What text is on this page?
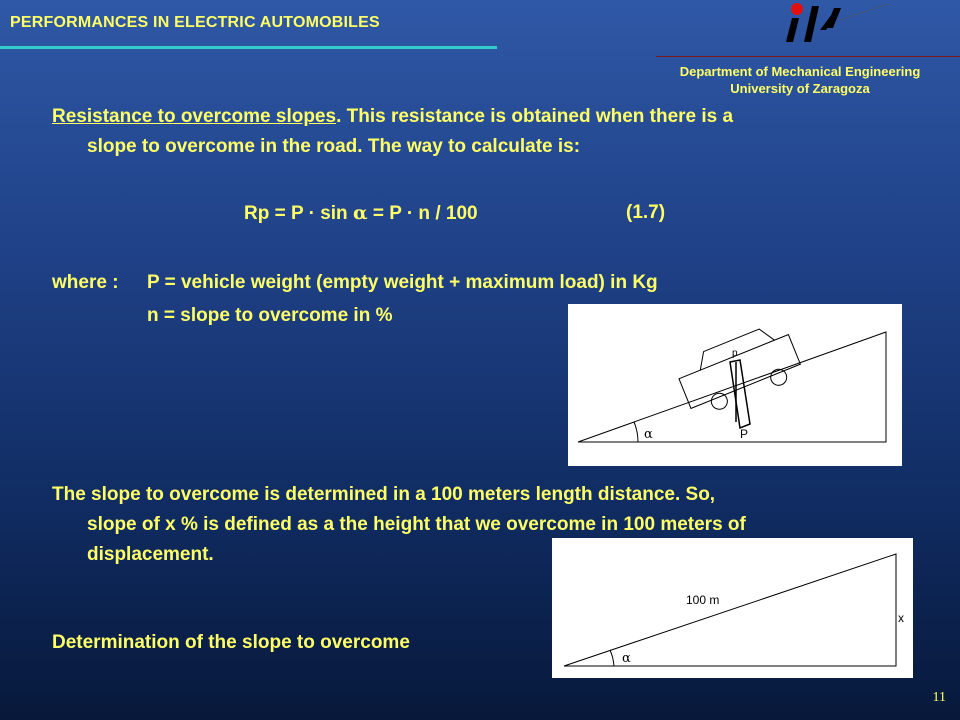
PERFORMANCES IN ELECTRIC AUTOMOBILES
Department of Mechanical Engineering
University of Zaragoza
Resistance to overcome slopes. This resistance is obtained when there is a
slope to overcome in the road. The way to calculate is:
Rp = P · sin α = P · n / 100	(1.7)
where : P = vehicle weight (empty weight + maximum load) in Kg
n = slope to overcome in %
α
p
P
The slope to overcome is determined in a 100 meters length distance. So,
slope of x % is defined as a the height that we overcome in 100 meters of
displacement.
α
100 m
x
Determination of the slope to overcome
11
